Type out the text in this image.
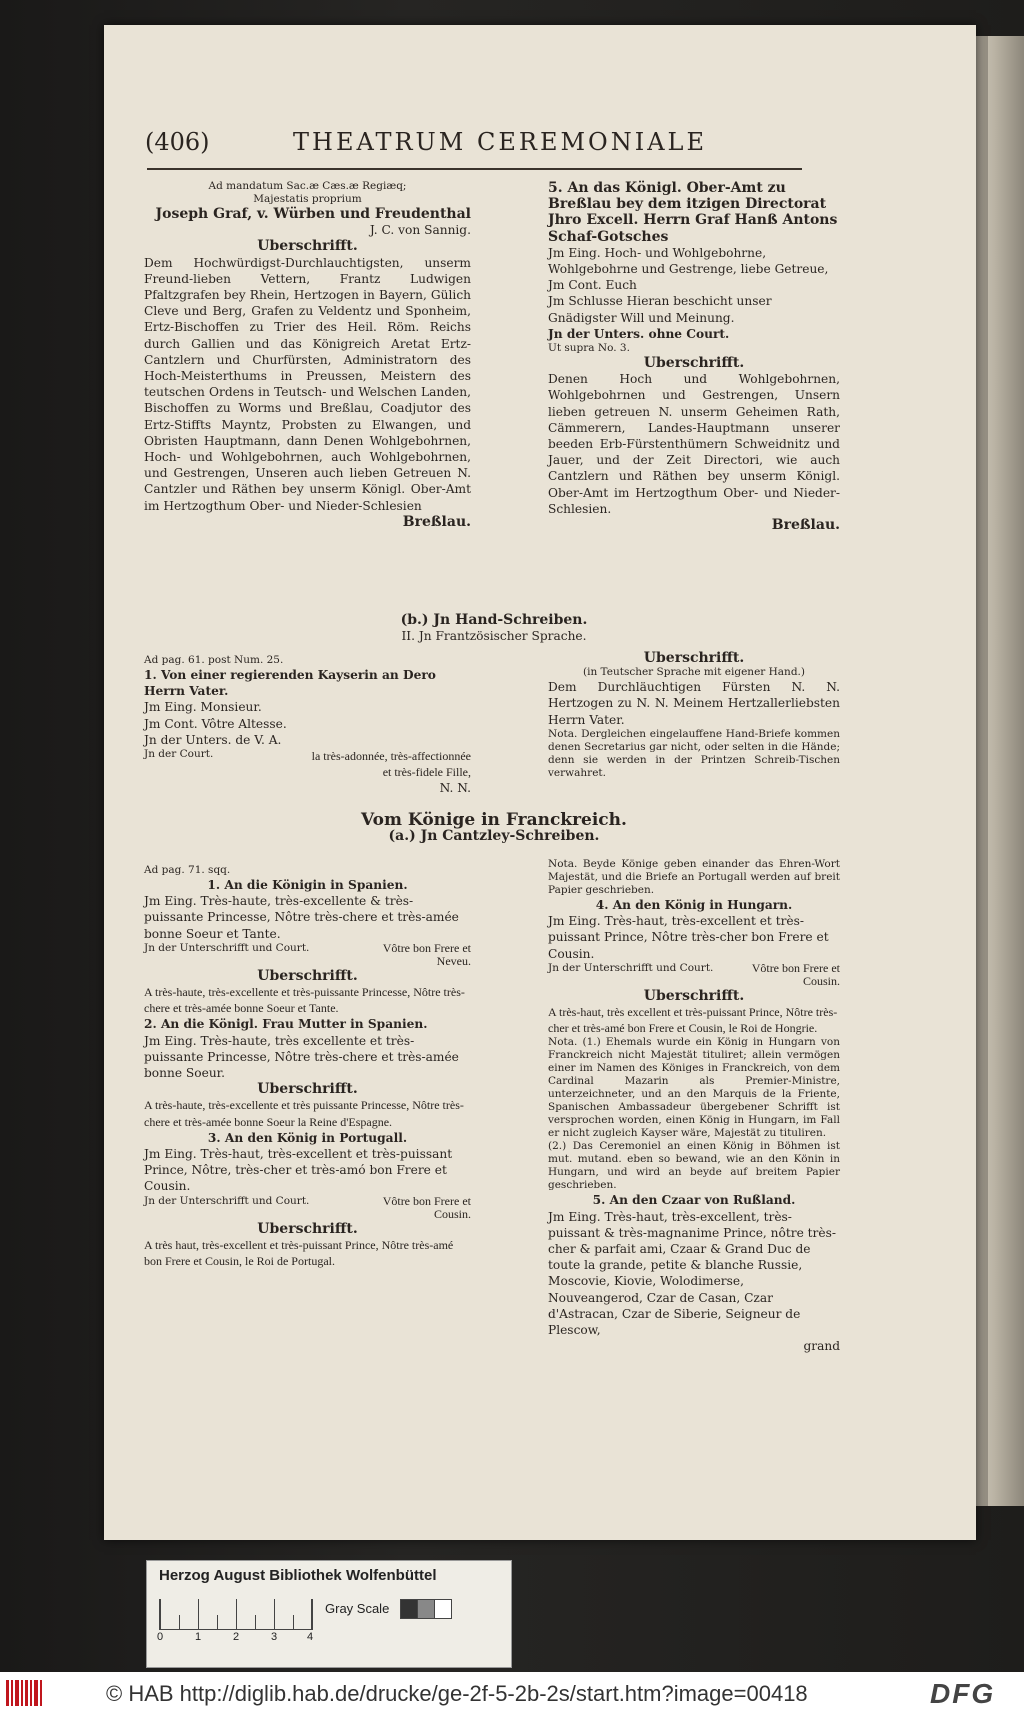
(406)	THEATRUM CEREMONIALE

Ad mandatum Sac.æ Cæs.æ Regiæq;

Majestatis proprium

Joseph Graf, v. Würben und Freudenthal

J. C. von Sannig.

Uberschrifft.

Dem Hochwürdigst-Durchlauchtigsten, unserm Freund-lieben Vettern, Frantz Ludwigen Pfaltzgrafen bey Rhein, Hertzogen in Bayern, Gülich Cleve und Berg, Grafen zu Veldentz und Sponheim, Ertz-Bischoffen zu Trier des Heil. Röm. Reichs durch Gallien und das Königreich Aretat Ertz-Cantzlern und Churfürsten, Administratorn des Hoch-Meisterthums in Preussen, Meistern des teutschen Ordens in Teutsch- und Welschen Landen, Bischoffen zu Worms und Breßlau, Coadjutor des Ertz-Stiffts Mayntz, Probsten zu Elwangen, und Obristen Hauptmann, dann Denen Wohlgebohrnen, Hoch- und Wohlgebohrnen, auch Wohlgebohrnen, und Gestrengen, Unseren auch lieben Getreuen N. Cantzler und Räthen bey unserm Königl. Ober-Amt im Hertzogthum Ober- und Nieder-Schlesien

Breßlau.

5. An das Königl. Ober-Amt zu Breßlau bey dem itzigen Directorat Jhro Excell. Herrn Graf Hanß Antons Schaf-Gotsches

Jm Eing. Hoch- und Wohlgebohrne, Wohlgebohrne und Gestrenge, liebe Getreue,

Jm Cont. Euch

Jm Schlusse Hieran beschicht unser Gnädigster Will und Meinung.

Jn der Unters. ohne Court.

Ut supra No. 3.

Uberschrifft.

Denen Hoch und Wohlgebohrnen, Wohlgebohrnen und Gestrengen, Unsern lieben getreuen N. unserm Geheimen Rath, Cämmerern, Landes-Hauptmann unserer beeden Erb-Fürstenthümern Schweidnitz und Jauer, und der Zeit Directori, wie auch Cantzlern und Räthen bey unserm Königl. Ober-Amt im Hertzogthum Ober- und Nieder-Schlesien.

Breßlau.

(b.) Jn Hand-Schreiben.

II. Jn Frantzösischer Sprache.

Ad pag. 61. post Num. 25.

1. Von einer regierenden Kayserin an Dero Herrn Vater.

Jm Eing. Monsieur.

Jm Cont. Vôtre Altesse.

Jn der Unters. de V. A.

Jn der Court.	la très-adonnée, très-affectionnée et très-fidele Fille,

N. N.

Uberschrifft.

(in Teutscher Sprache mit eigener Hand.)

Dem Durchläuchtigen Fürsten N. N. Hertzogen zu N. N. Meinem Hertzallerliebsten Herrn Vater.

Nota. Dergleichen eingelauffene Hand-Briefe kommen denen Secretarius gar nicht, oder selten in die Hände; denn sie werden in der Printzen Schreib-Tischen verwahret.

Vom Könige in Franckreich.

(a.) Jn Cantzley-Schreiben.

Ad pag. 71. sqq.

1. An die Königin in Spanien.

Jm Eing. Très-haute, très-excellente & très-puissante Princesse, Nôtre très-chere et très-amée bonne Soeur et Tante.

Jn der Unterschrifft und Court.	Vôtre bon Frere et Neveu.

Uberschrifft.

A très-haute, très-excellente et très-puissante Princesse, Nôtre très-chere et très-amée bonne Soeur et Tante.

2. An die Königl. Frau Mutter in Spanien.

Jm Eing. Très-haute, très excellente et très-puissante Princesse, Nôtre très-chere et très-amée bonne Soeur.

Uberschrifft.

A très-haute, très-excellente et très puissante Princesse, Nôtre très-chere et très-amée bonne Soeur la Reine d'Espagne.

3. An den König in Portugall.

Jm Eing. Très-haut, très-excellent et très-puissant Prince, Nôtre, très-cher et très-amó bon Frere et Cousin.

Jn der Unterschrifft und Court.	Vôtre bon Frere et Cousin.

Uberschrifft.

A très haut, très-excellent et très-puissant Prince, Nôtre très-amé bon Frere et Cousin, le Roi de Portugal.

Nota. Beyde Könige geben einander das Ehren-Wort Majestät, und die Briefe an Portugall werden auf breit Papier geschrieben.

4. An den König in Hungarn.

Jm Eing. Très-haut, très-excellent et très-puissant Prince, Nôtre très-cher bon Frere et Cousin.

Jn der Unterschrifft und Court.	Vôtre bon Frere et Cousin.

Uberschrifft.

A très-haut, très excellent et très-puissant Prince, Nôtre très-cher et très-amé bon Frere et Cousin, le Roi de Hongrie.

Nota. (1.) Ehemals wurde ein König in Hungarn von Franckreich nicht Majestät tituliret; allein vermögen einer im Namen des Königes in Franckreich, von dem Cardinal Mazarin als Premier-Ministre, unterzeichneter, und an den Marquis de la Friente, Spanischen Ambassadeur übergebener Schrifft ist versprochen worden, einen König in Hungarn, im Fall er nicht zugleich Kayser wäre, Majestät zu tituliren.

(2.) Das Ceremoniel an einen König in Böhmen ist mut. mutand. eben so bewand, wie an den Könin in Hungarn, und wird an beyde auf breitem Papier geschrieben.

5. An den Czaar von Rußland.

Jm Eing. Très-haut, très-excellent, très-puissant & très-magnanime Prince, nôtre très-cher & parfait ami, Czaar & Grand Duc de toute la grande, petite & blanche Russie, Moscovie, Kiovie, Wolodimerse, Nouveangerod, Czar de Casan, Czar d'Astracan, Czar de Siberie, Seigneur de Plescow,

grand

Herzog August Bibliothek Wolfenbüttel
0	1	2	3	4
Gray Scale
© HAB http://diglib.hab.de/drucke/ge-2f-5-2b-2s/start.htm?image=00418	DFG
